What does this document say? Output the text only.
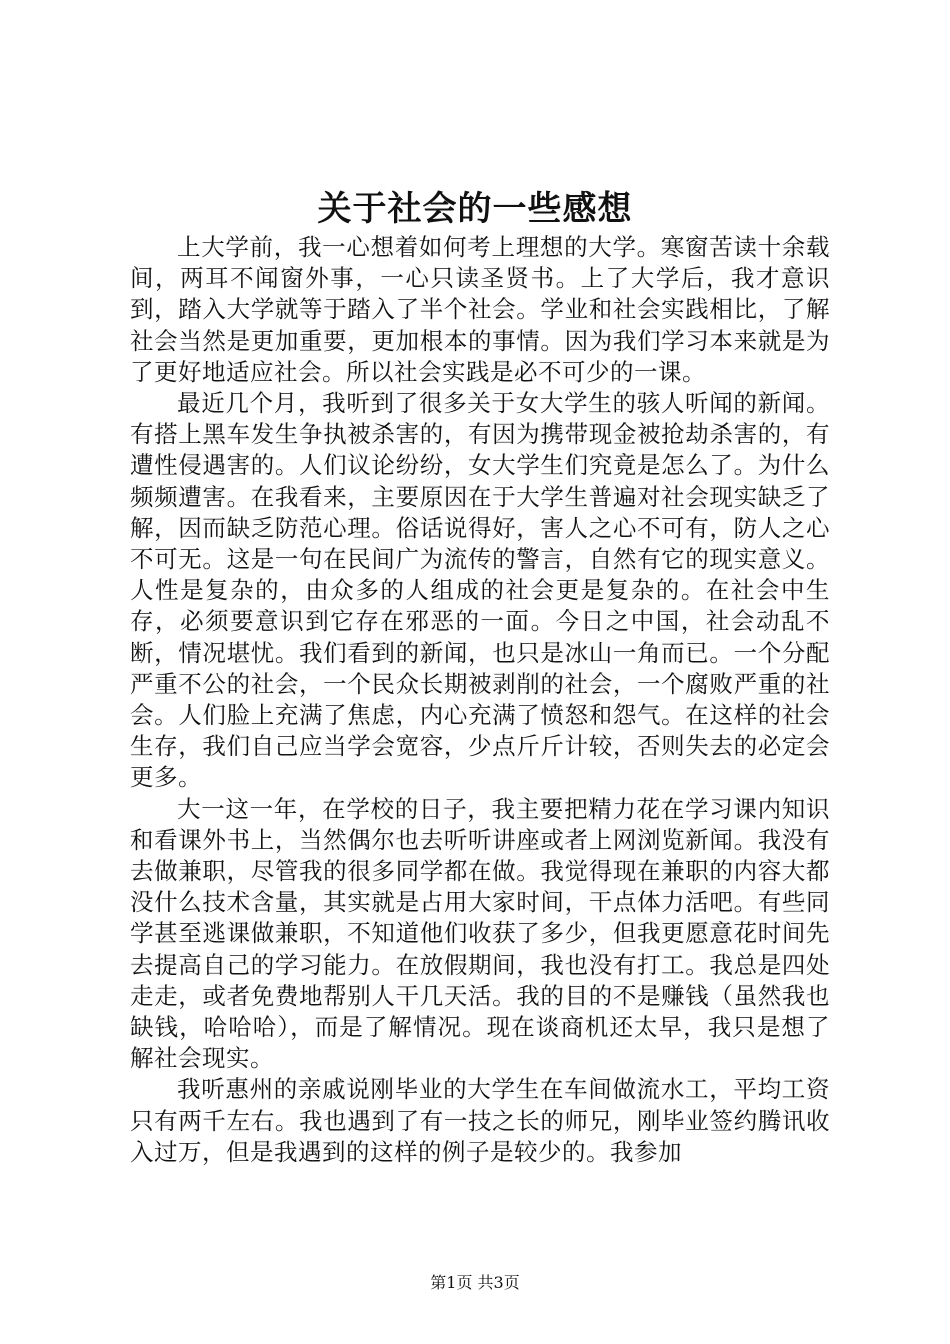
关于社会的一些感想

上大学前，我一心想着如何考上理想的大学。寒窗苦读十余载间，两耳不闻窗外事，一心只读圣贤书。上了大学后，我才意识到，踏入大学就等于踏入了半个社会。学业和社会实践相比，了解社会当然是更加重要，更加根本的事情。因为我们学习本来就是为了更好地适应社会。所以社会实践是必不可少的一课。

最近几个月，我听到了很多关于女大学生的骇人听闻的新闻。有搭上黑车发生争执被杀害的，有因为携带现金被抢劫杀害的，有遭性侵遇害的。人们议论纷纷，女大学生们究竟是怎么了。为什么频频遭害。在我看来，主要原因在于大学生普遍对社会现实缺乏了解，因而缺乏防范心理。俗话说得好，害人之心不可有，防人之心不可无。这是一句在民间广为流传的警言，自然有它的现实意义。人性是复杂的，由众多的人组成的社会更是复杂的。在社会中生存，必须要意识到它存在邪恶的一面。今日之中国，社会动乱不断，情况堪忧。我们看到的新闻，也只是冰山一角而已。一个分配严重不公的社会，一个民众长期被剥削的社会，一个腐败严重的社会。人们脸上充满了焦虑，内心充满了愤怒和怨气。在这样的社会生存，我们自己应当学会宽容，少点斤斤计较，否则失去的必定会更多。

大一这一年，在学校的日子，我主要把精力花在学习课内知识和看课外书上，当然偶尔也去听听讲座或者上网浏览新闻。我没有去做兼职，尽管我的很多同学都在做。我觉得现在兼职的内容大都没什么技术含量，其实就是占用大家时间，干点体力活吧。有些同学甚至逃课做兼职，不知道他们收获了多少，但我更愿意花时间先去提高自己的学习能力。在放假期间，我也没有打工。我总是四处走走，或者免费地帮别人干几天活。我的目的不是赚钱（虽然我也缺钱，哈哈哈），而是了解情况。现在谈商机还太早，我只是想了解社会现实。

我听惠州的亲戚说刚毕业的大学生在车间做流水工，平均工资只有两千左右。我也遇到了有一技之长的师兄，刚毕业签约腾讯收入过万，但是我遇到的这样的例子是较少的。我参加

第1页 共3页
